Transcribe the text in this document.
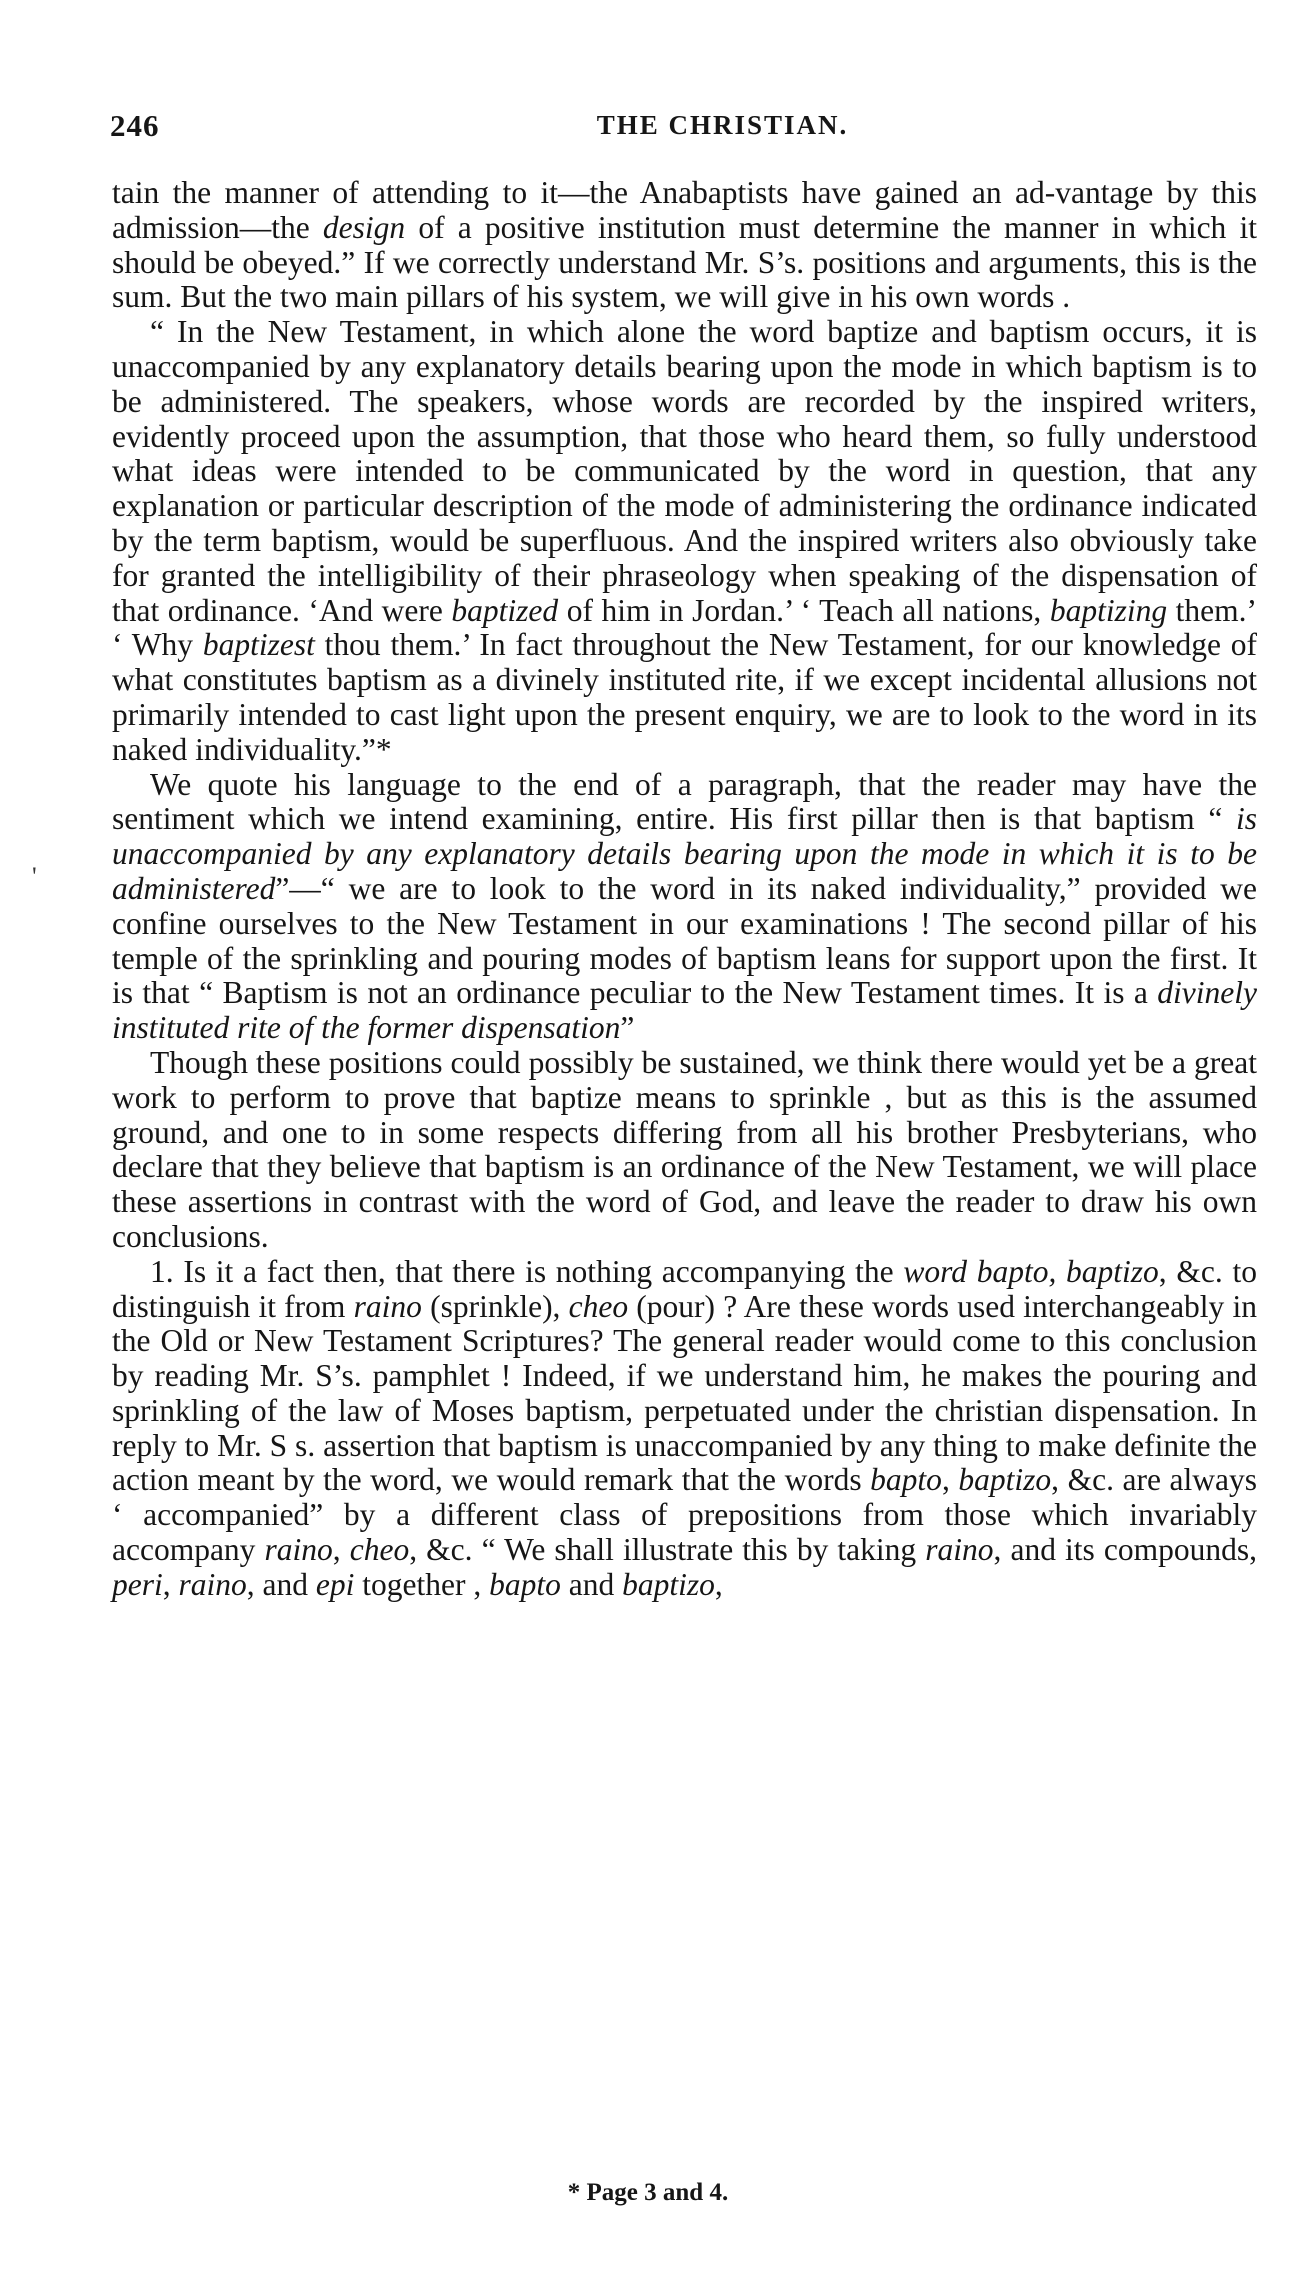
246	THE CHRISTIAN.
'

tain the manner of attending to it—the Anabaptists have gained an ad-vantage by this admission—the design of a positive institution must determine the manner in which it should be obeyed.” If we correctly understand Mr. S’s. positions and arguments, this is the sum. But the two main pillars of his system, we will give in his own words .

“ In the New Testament, in which alone the word baptize and baptism occurs, it is unaccompanied by any explanatory details bearing upon the mode in which baptism is to be administered. The speakers, whose words are recorded by the inspired writers, evidently proceed upon the assumption, that those who heard them, so fully understood what ideas were intended to be communicated by the word in question, that any explanation or particular description of the mode of administering the ordinance indicated by the term baptism, would be superfluous. And the inspired writers also obviously take for granted the intelligibility of their phraseology when speaking of the dispensation of that ordinance. ‘And were baptized of him in Jordan.’ ‘ Teach all nations, baptizing them.’ ‘ Why baptizest thou them.’ In fact throughout the New Testament, for our knowledge of what constitutes baptism as a divinely instituted rite, if we except incidental allusions not primarily intended to cast light upon the present enquiry, we are to look to the word in its naked individuality.”*

We quote his language to the end of a paragraph, that the reader may have the sentiment which we intend examining, entire. His first pillar then is that baptism “ is unaccompanied by any explanatory details bearing upon the mode in which it is to be administered”—“ we are to look to the word in its naked individuality,” provided we confine ourselves to the New Testament in our examinations ! The second pillar of his temple of the sprinkling and pouring modes of baptism leans for support upon the first. It is that “ Baptism is not an ordinance peculiar to the New Testament times. It is a divinely instituted rite of the former dispensation”

Though these positions could possibly be sustained, we think there would yet be a great work to perform to prove that baptize means to sprinkle , but as this is the assumed ground, and one to in some respects differing from all his brother Presbyterians, who declare that they believe that baptism is an ordinance of the New Testament, we will place these assertions in contrast with the word of God, and leave the reader to draw his own conclusions.

1. Is it a fact then, that there is nothing accompanying the word bapto, baptizo, &c. to distinguish it from raino (sprinkle), cheo (pour) ? Are these words used interchangeably in the Old or New Testament Scriptures? The general reader would come to this conclusion by reading Mr. S’s. pamphlet ! Indeed, if we understand him, he makes the pouring and sprinkling of the law of Moses baptism, perpetuated under the christian dispensation. In reply to Mr. S s. assertion that baptism is unaccompanied by any thing to make definite the action meant by the word, we would remark that the words bapto, baptizo, &c. are always ‘ accompanied” by a different class of prepositions from those which invariably accompany raino, cheo, &c. “ We shall illustrate this by taking raino, and its compounds, peri, raino, and epi together , bapto and baptizo,

* Page 3 and 4.
